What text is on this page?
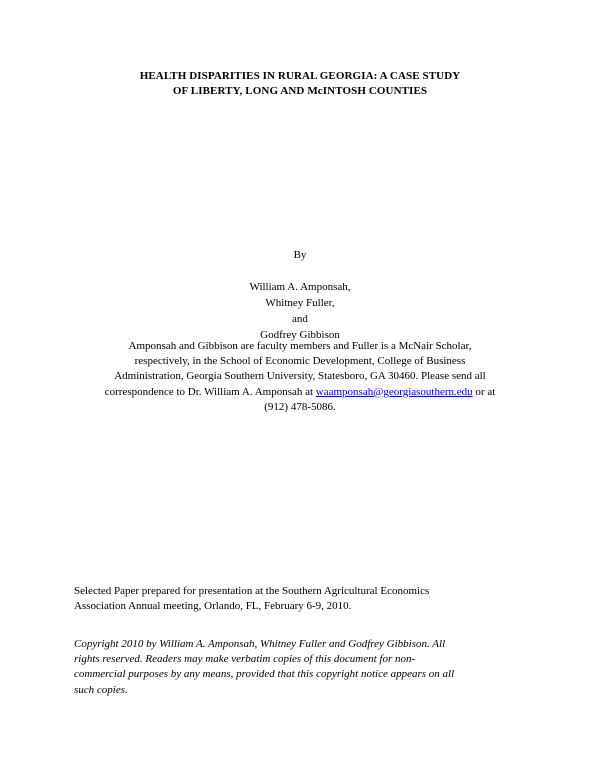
HEALTH DISPARITIES IN RURAL GEORGIA: A CASE STUDY
OF LIBERTY, LONG AND McINTOSH COUNTIES
By
William A. Amponsah,
Whitney Fuller,
and
Godfrey Gibbison
Amponsah and Gibbison are faculty members and Fuller is a McNair Scholar,
respectively, in the School of Economic Development, College of Business
Administration, Georgia Southern University, Statesboro, GA 30460. Please send all
correspondence to Dr. William A. Amponsah at waamponsah@georgiasouthern.edu or at
(912) 478-5086.
Selected Paper prepared for presentation at the Southern Agricultural Economics
Association Annual meeting, Orlando, FL, February 6-9, 2010.
Copyright 2010 by William A. Amponsah, Whitney Fuller and Godfrey Gibbison. All
rights reserved. Readers may make verbatim copies of this document for non-
commercial purposes by any means, provided that this copyright notice appears on all
such copies.
